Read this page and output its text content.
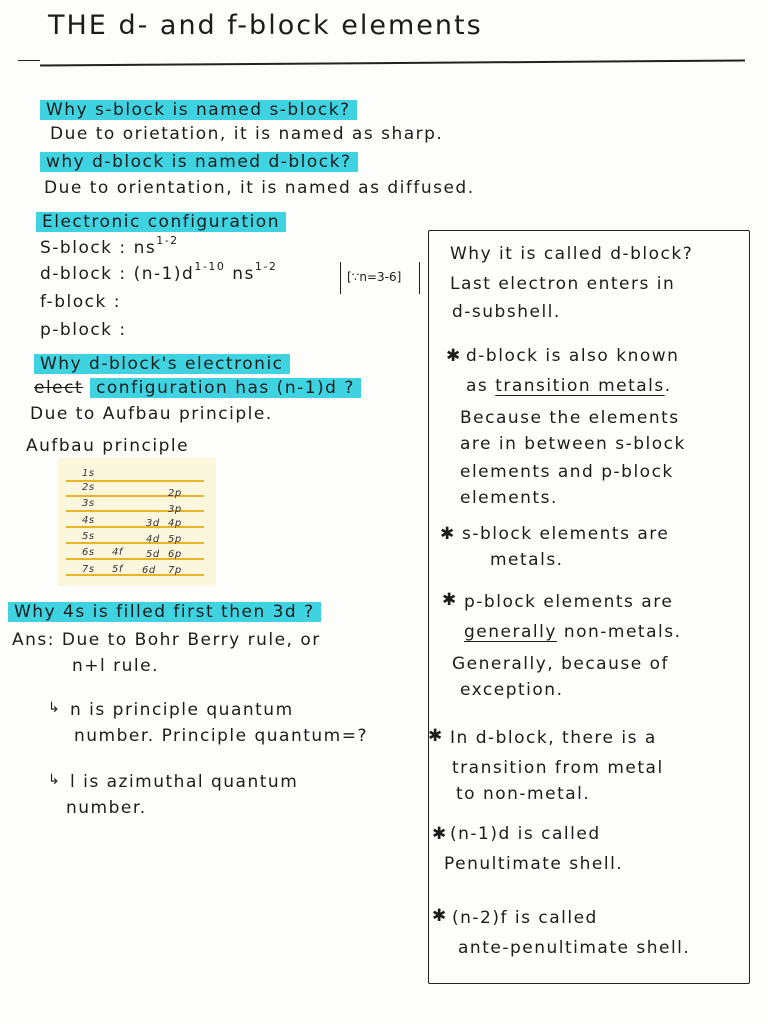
THE d- and f-block elements
Why s-block is named s-block?
Due to orietation, it is named as sharp.
why d-block is named d-block?
Due to orientation, it is named as diffused.
Electronic configuration
S-block : $ns^{1-2}$
d-block : $(n-1)d^{1-10}$ $ns^{1-2}$
[∵n=3-6]
f-block :
p-block :
Why d-block's electronic
elect configuration has (n-1)d ?
Due to Aufbau principle.
Aufbau principle
1s
2s
2p
3s
3p
4s	3d 4p
5s	4d 5p
6s 4f 5d 6p
7s 5f 6d 7p
Why 4s is filled first then 3d ?
Ans: Due to Bohr Berry rule, or
n+l rule.
↳ n is principle quantum
number. Principle quantum=?
↳ l is azimuthal quantum
number.
Why it is called d-block?
Last electron enters in
d-subshell.
✱ d-block is also known
as transition metals.
Because the elements
are in between s-block
elements and p-block
elements.
✱ s-block elements are
metals.
✱ p-block elements are
generally non-metals.
Generally, because of
exception.
✱ In d-block, there is a
transition from metal
to non-metal.
✱ (n-1)d is called
Penultimate shell.
✱ (n-2)f is called
ante-penultimate shell.
